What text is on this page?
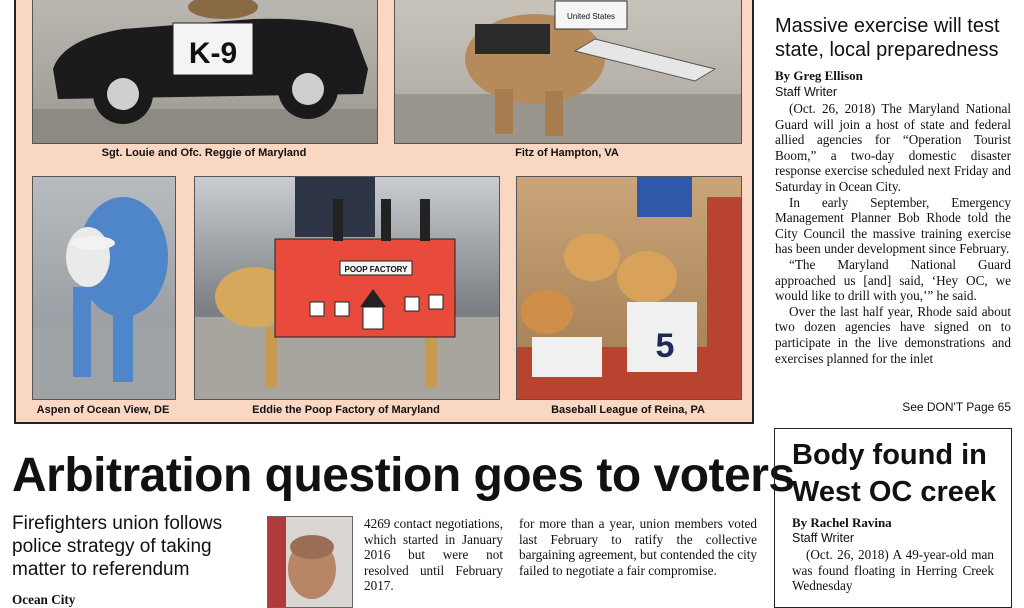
K-9
Sgt. Louie and Ofc. Reggie of Maryland
United States
Fitz of Hampton, VA
Aspen of Ocean View, DE
POOP FACTORY
Eddie the Poop Factory of Maryland
5
Baseball League of Reina, PA
Massive exercise will test state, local preparedness
By Greg Ellison
Staff Writer

(Oct. 26, 2018) The Maryland National Guard will join a host of state and federal allied agencies for “Operation Tourist Boom,” a two-day domestic disaster response exercise scheduled next Friday and Saturday in Ocean City.

In early September, Emergency Management Planner Bob Rhode told the City Council the massive training exercise has been under development since February.

“The Maryland National Guard approached us [and] said, ‘Hey OC, we would like to drill with you,’” he said.

Over the last half year, Rhode said about two dozen agencies have signed on to participate in the live demonstrations and exercises planned for the inlet

See DON'T Page 65
Arbitration question goes to voters
Firefighters union follows police strategy of taking matter to referendum
Ocean City
4269 contact negotiations, which started in January 2016 but were not resolved until February 2017.
for more than a year, union members voted last February to ratify the collective bargaining agreement, but contended the city failed to negotiate a fair compromise.
Body found in West OC creek
By Rachel Ravina
Staff Writer
(Oct. 26, 2018) A 49-year-old man was found floating in Herring Creek Wednesday
